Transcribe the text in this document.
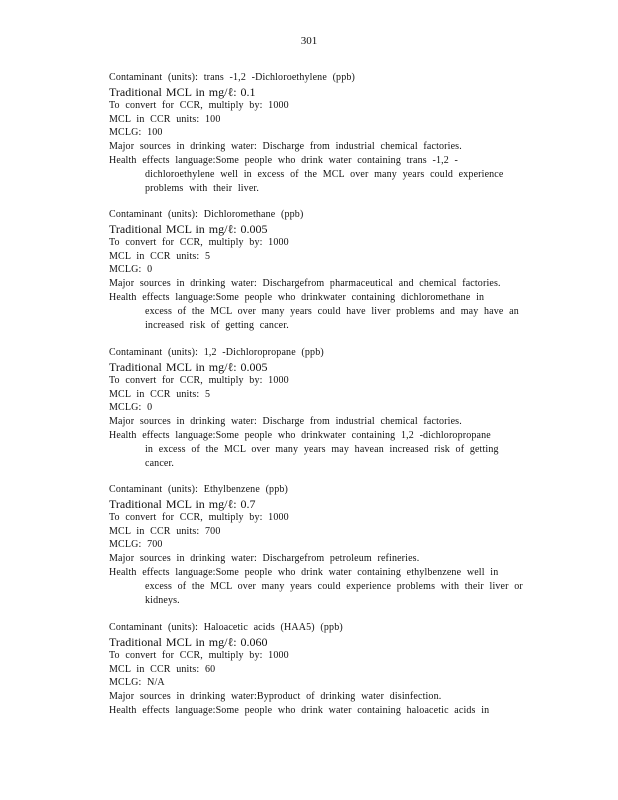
301
Contaminant (units): trans -1,2 -Dichloroethylene (ppb)
Traditional MCL in mg/ℓ: 0.1
To convert for CCR, multiply by: 1000
MCL in CCR units: 100
MCLG: 100
Major sources in drinking water: Discharge from industrial chemical factories.
Health effects language:Some people who drink water containing trans -1,2 -
dichloroethylene well in excess of the MCL over many years could experience
problems with their liver.
Contaminant (units): Dichloromethane (ppb)
Traditional MCL in mg/ℓ: 0.005
To convert for CCR, multiply by: 1000
MCL in CCR units: 5
MCLG: 0
Major sources in drinking water: Dischargefrom pharmaceutical and chemical factories.
Health effects language:Some people who drinkwater containing dichloromethane in
excess of the MCL over many years could have liver problems and may have an
increased risk of getting cancer.
Contaminant (units): 1,2 -Dichloropropane (ppb)
Traditional MCL in mg/ℓ: 0.005
To convert for CCR, multiply by: 1000
MCL in CCR units: 5
MCLG: 0
Major sources in drinking water: Discharge from industrial chemical factories.
Health effects language:Some people who drinkwater containing 1,2 -dichloropropane
in excess of the MCL over many years may havean increased risk of getting
cancer.
Contaminant (units): Ethylbenzene (ppb)
Traditional MCL in mg/ℓ: 0.7
To convert for CCR, multiply by: 1000
MCL in CCR units: 700
MCLG: 700
Major sources in drinking water: Dischargefrom petroleum refineries.
Health effects language:Some people who drink water containing ethylbenzene well in
excess of the MCL over many years could experience problems with their liver or
kidneys.
Contaminant (units): Haloacetic acids (HAA5) (ppb)
Traditional MCL in mg/ℓ: 0.060
To convert for CCR, multiply by: 1000
MCL in CCR units: 60
MCLG: N/A
Major sources in drinking water:Byproduct of drinking water disinfection.
Health effects language:Some people who drink water containing haloacetic acids in
